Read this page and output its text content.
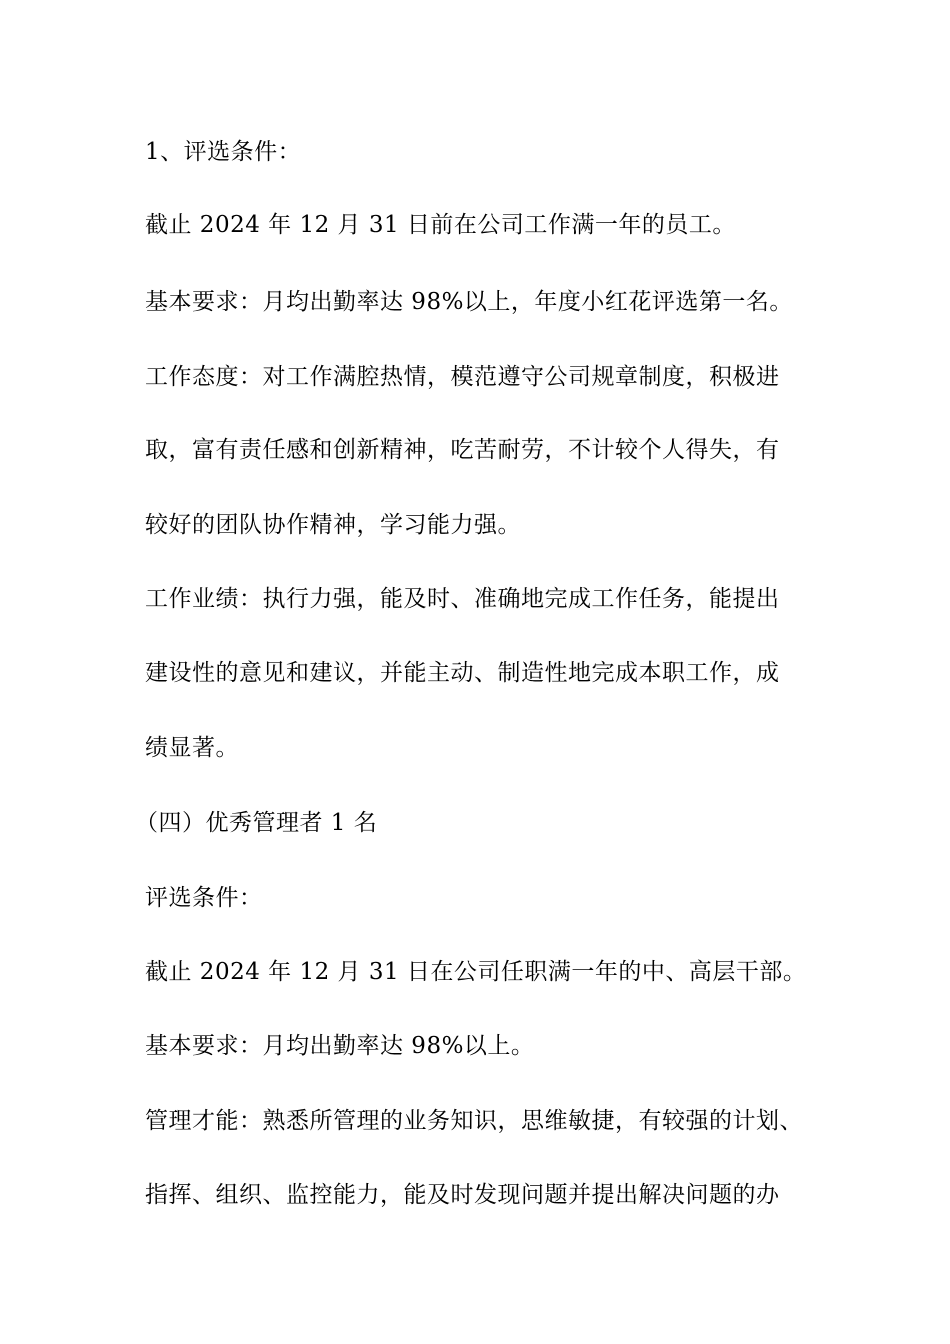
1、评选条件：
截止 2024 年 12 月 31 日前在公司工作满一年的员工。
基本要求：月均出勤率达 98%以上，年度小红花评选第一名。
工作态度：对工作满腔热情，模范遵守公司规章制度，积极进
取，富有责任感和创新精神，吃苦耐劳，不计较个人得失，有
较好的团队协作精神，学习能力强。
工作业绩：执行力强，能及时、准确地完成工作任务，能提出
建设性的意见和建议，并能主动、制造性地完成本职工作，成
绩显著。
（四）优秀管理者 1 名
评选条件：
截止 2024 年 12 月 31 日在公司任职满一年的中、高层干部。
基本要求：月均出勤率达 98%以上。
管理才能：熟悉所管理的业务知识，思维敏捷，有较强的计划、
指挥、组织、监控能力，能及时发现问题并提出解决问题的办
